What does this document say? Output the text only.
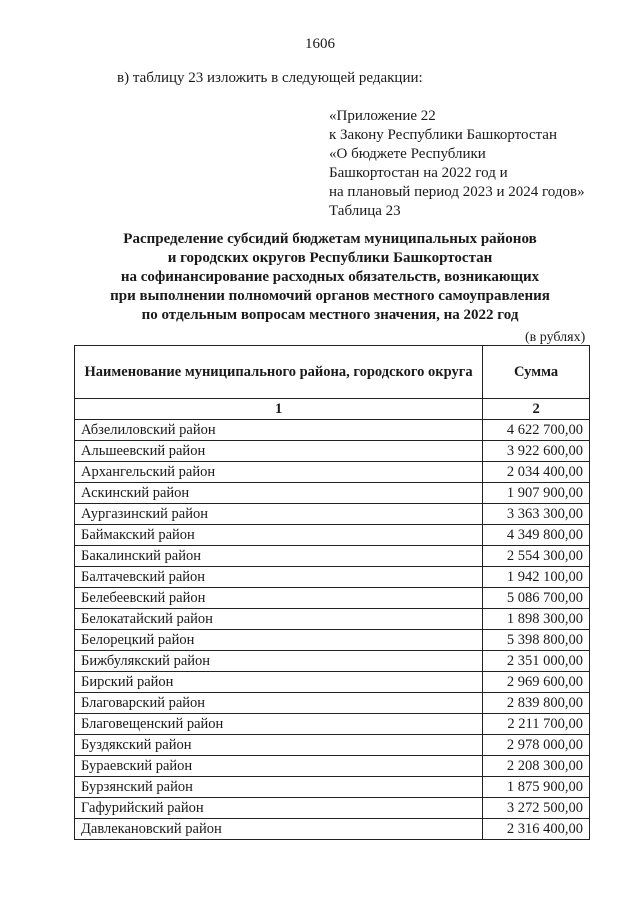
1606
в) таблицу 23 изложить в следующей редакции:
«Приложение 22
к Закону Республики Башкортостан
«О бюджете Республики
Башкортостан на 2022 год и
на плановый период 2023 и 2024 годов»
Таблица 23
Распределение субсидий бюджетам муниципальных районов
и городских округов Республики Башкортостан
на софинансирование расходных обязательств, возникающих
при выполнении полномочий органов местного самоуправления
по отдельным вопросам местного значения, на 2022 год
(в рублях)
Наименование муниципального района, городского округа	Сумма
1	2
Абзелиловский район	4 622 700,00
Альшеевский район	3 922 600,00
Архангельский район	2 034 400,00
Аскинский район	1 907 900,00
Аургазинский район	3 363 300,00
Баймакский район	4 349 800,00
Бакалинский район	2 554 300,00
Балтачевский район	1 942 100,00
Белебеевский район	5 086 700,00
Белокатайский район	1 898 300,00
Белорецкий район	5 398 800,00
Бижбулякский район	2 351 000,00
Бирский район	2 969 600,00
Благоварский район	2 839 800,00
Благовещенский район	2 211 700,00
Буздякский район	2 978 000,00
Бураевский район	2 208 300,00
Бурзянский район	1 875 900,00
Гафурийский район	3 272 500,00
Давлекановский район	2 316 400,00
